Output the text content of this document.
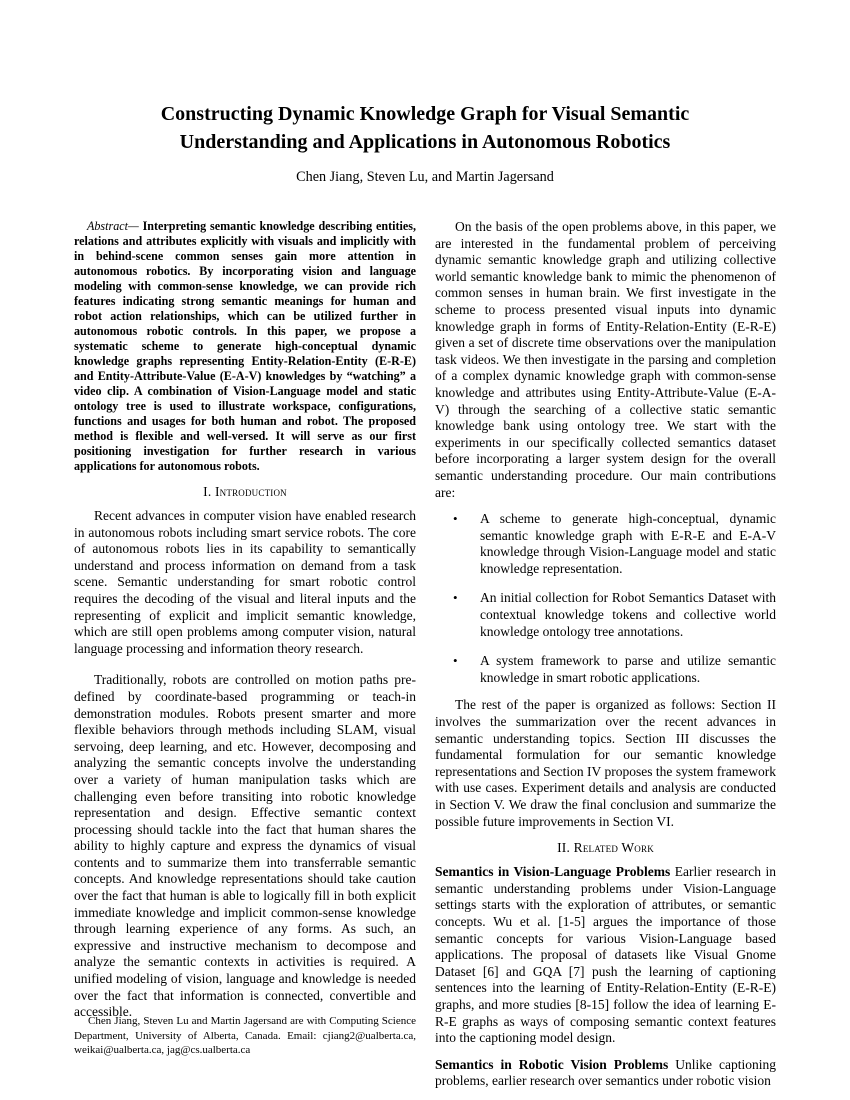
Constructing Dynamic Knowledge Graph for Visual Semantic
Understanding and Applications in Autonomous Robotics

Chen Jiang, Steven Lu, and Martin Jagersand

Abstract— Interpreting semantic knowledge describing entities, relations and attributes explicitly with visuals and implicitly with in behind-scene common senses gain more attention in autonomous robotics. By incorporating vision and language modeling with common-sense knowledge, we can provide rich features indicating strong semantic meanings for human and robot action relationships, which can be utilized further in autonomous robotic controls. In this paper, we propose a systematic scheme to generate high-conceptual dynamic knowledge graphs representing Entity-Relation-Entity (E-R-E) and Entity-Attribute-Value (E-A-V) knowledges by “watching” a video clip. A combination of Vision-Language model and static ontology tree is used to illustrate workspace, configurations, functions and usages for both human and robot. The proposed method is flexible and well-versed. It will serve as our first positioning investigation for further research in various applications for autonomous robots.

I. Introduction

Recent advances in computer vision have enabled research in autonomous robots including smart service robots. The core of autonomous robots lies in its capability to semantically understand and process information on demand from a task scene. Semantic understanding for smart robotic control requires the decoding of the visual and literal inputs and the representing of explicit and implicit semantic knowledge, which are still open problems among computer vision, natural language processing and information theory research.

Traditionally, robots are controlled on motion paths pre-defined by coordinate-based programming or teach-in demonstration modules. Robots present smarter and more flexible behaviors through methods including SLAM, visual servoing, deep learning, and etc. However, decomposing and analyzing the semantic concepts involve the understanding over a variety of human manipulation tasks which are challenging even before transiting into robotic knowledge representation and design. Effective semantic context processing should tackle into the fact that human shares the ability to highly capture and express the dynamics of visual contents and to summarize them into transferrable semantic concepts. And knowledge representations should take caution over the fact that human is able to logically fill in both explicit immediate knowledge and implicit common-sense knowledge through learning experience of any forms. As such, an expressive and instructive mechanism to decompose and analyze the semantic contexts in activities is required. A unified modeling of vision, language and knowledge is needed over the fact that information is connected, convertible and accessible.

Chen Jiang, Steven Lu and Martin Jagersand are with Computing Science Department, University of Alberta, Canada. Email: cjiang2@ualberta.ca, weikai@ualberta.ca, jag@cs.ualberta.ca

On the basis of the open problems above, in this paper, we are interested in the fundamental problem of perceiving dynamic semantic knowledge graph and utilizing collective world semantic knowledge bank to mimic the phenomenon of common senses in human brain. We first investigate in the scheme to process presented visual inputs into dynamic knowledge graph in forms of Entity-Relation-Entity (E-R-E) given a set of discrete time observations over the manipulation task videos. We then investigate in the parsing and completion of a complex dynamic knowledge graph with common-sense knowledge and attributes using Entity-Attribute-Value (E-A-V) through the searching of a collective static semantic knowledge bank using ontology tree. We start with the experiments in our specifically collected semantics dataset before incorporating a larger system design for the overall semantic understanding procedure. Our main contributions are:

• A scheme to generate high-conceptual, dynamic semantic knowledge graph with E-R-E and E-A-V knowledge through Vision-Language model and static knowledge representation.

• An initial collection for Robot Semantics Dataset with contextual knowledge tokens and collective world knowledge ontology tree annotations.

• A system framework to parse and utilize semantic knowledge in smart robotic applications.

The rest of the paper is organized as follows: Section II involves the summarization over the recent advances in semantic understanding topics. Section III discusses the fundamental formulation for our semantic knowledge representations and Section IV proposes the system framework with use cases. Experiment details and analysis are conducted in Section V. We draw the final conclusion and summarize the possible future improvements in Section VI.

II. Related Work

Semantics in Vision-Language Problems Earlier research in semantic understanding problems under Vision-Language settings starts with the exploration of attributes, or semantic concepts. Wu et al. [1-5] argues the importance of those semantic concepts for various Vision-Language based applications. The proposal of datasets like Visual Gnome Dataset [6] and GQA [7] push the learning of captioning sentences into the learning of Entity-Relation-Entity (E-R-E) graphs, and more studies [8-15] follow the idea of learning E-R-E graphs as ways of composing semantic context features into the captioning model design.

Semantics in Robotic Vision Problems Unlike captioning problems, earlier research over semantics under robotic vision
